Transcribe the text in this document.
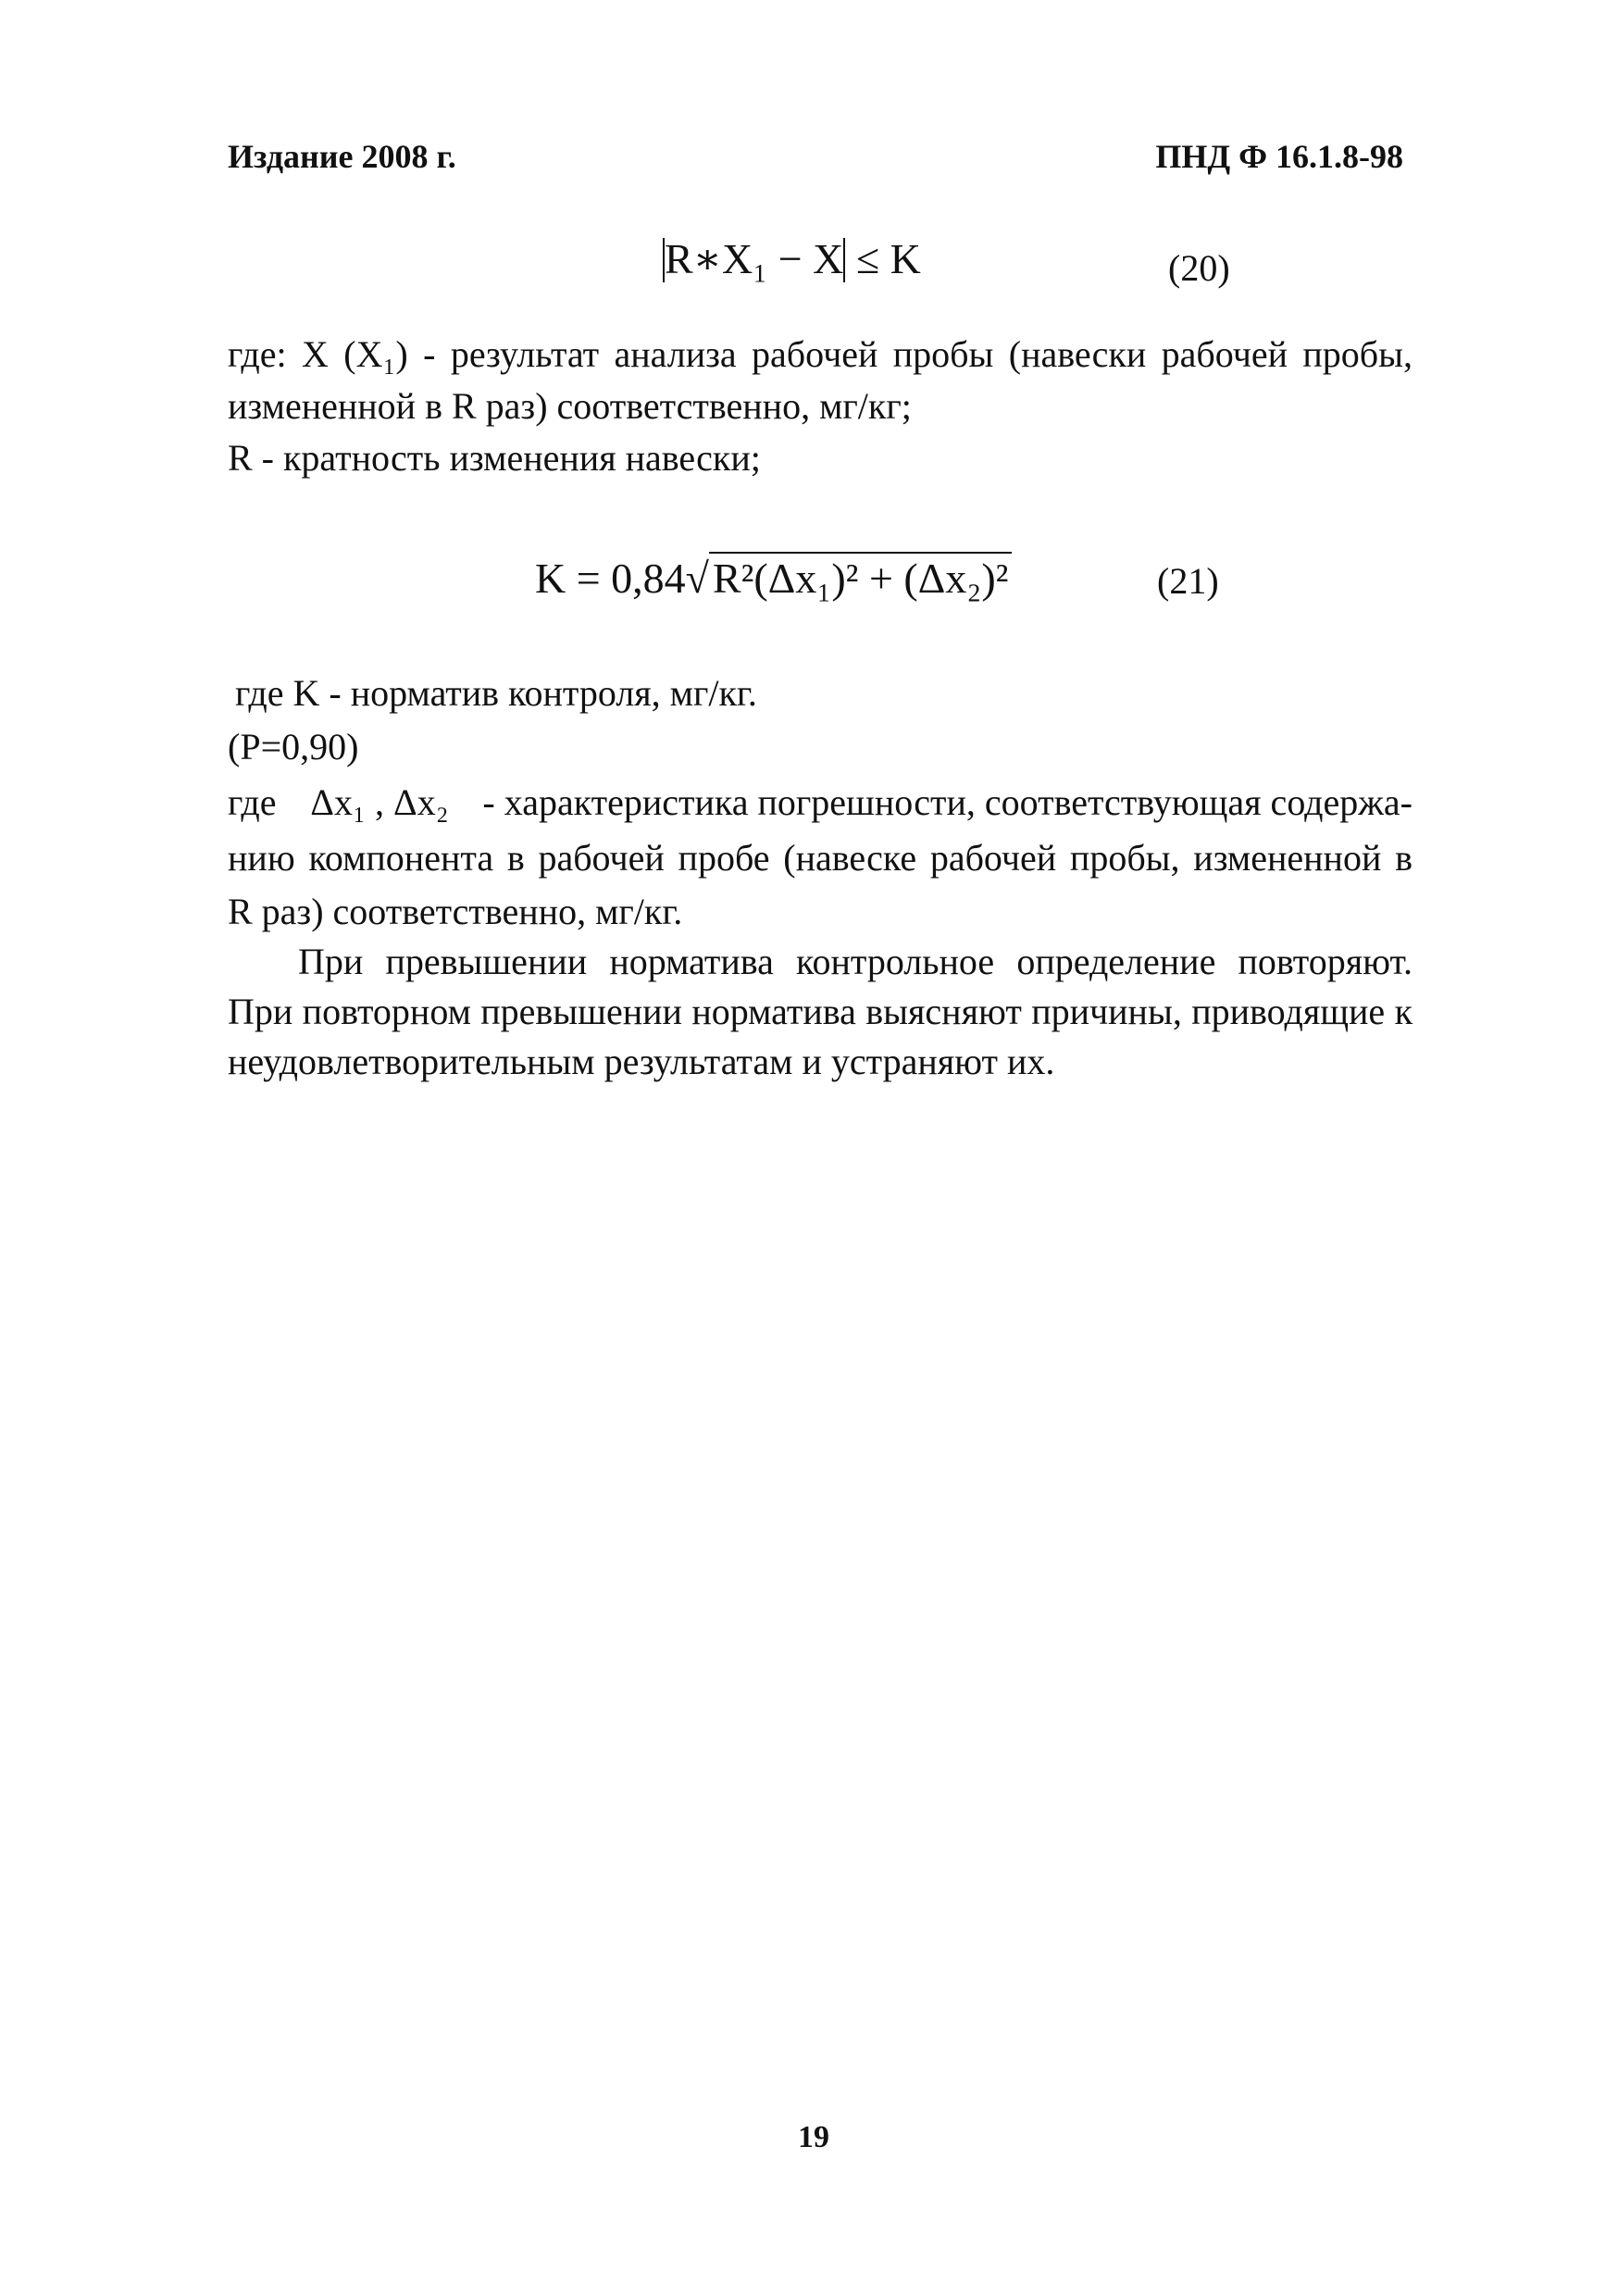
Издание 2008 г.	ПНД Ф 16.1.8-98
R∗X₁ − X ≤ K	(20)
где: X (X₁) - результат анализа рабочей пробы (навески рабочей пробы,
измененной в R раз) соответственно, мг/кг;
R - кратность изменения навески;
K = 0,84√R²(Δx₁)² + (Δx₂)²	(21)
где K - норматив контроля, мг/кг.
(P=0,90)
где Δx₁ , Δx₂ - характеристика погрешности, соответствующая содержа-
нию компонента в рабочей пробе (навеске рабочей пробы, измененной в
R раз) соответственно, мг/кг.
При превышении норматива контрольное определение повторяют.
При повторном превышении норматива выясняют причины, приводящие к
неудовлетворительным результатам и устраняют их.
19
